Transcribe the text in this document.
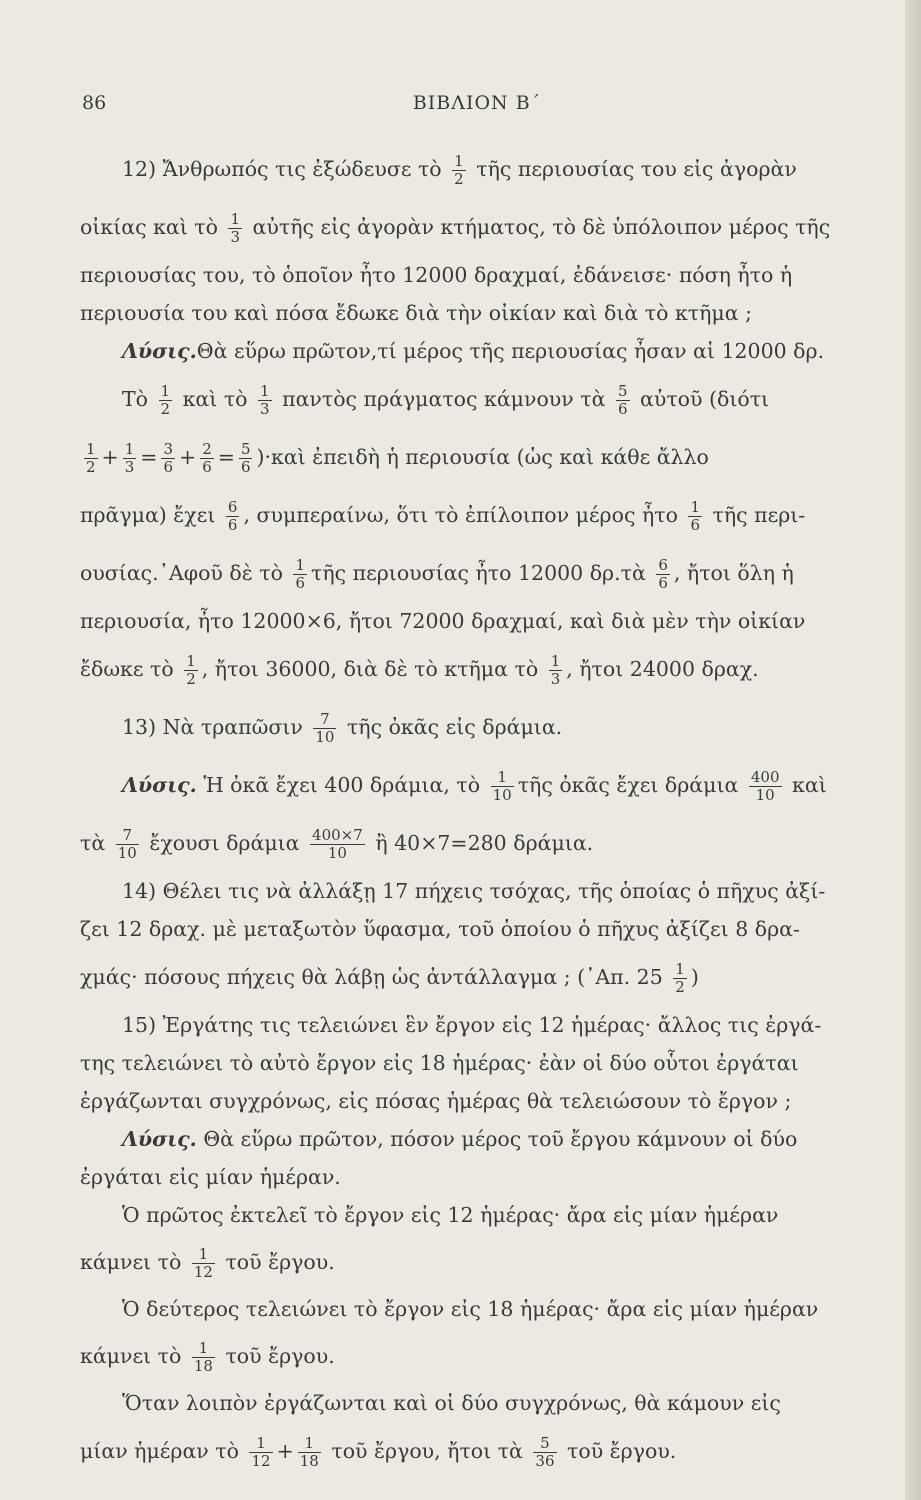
86	ΒΙΒΛΙΟΝ Β΄
12) Ἄνθρωπός τις ἐξώδευσε τὸ $\frac{1}{2}$ τῆς περιουσίας του εἰς ἀγορὰν
οἰκίας καὶ τὸ $\frac{1}{3}$ αὐτῆς εἰς ἀγορὰν κτήματος, τὸ δὲ ὑπόλοιπον μέρος τῆς
περιουσίας του, τὸ ὁποῖον ἦτο 12000 δραχμαί, ἐδάνεισε· πόση ἦτο ἡ
περιουσία του καὶ πόσα ἔδωκε διὰ τὴν οἰκίαν καὶ διὰ τὸ κτῆμα ;
Λύσις.Θὰ εὕρω πρῶτον,τί μέρος τῆς περιουσίας ἦσαν αἱ 12000 δρ.
Τὸ $\frac{1}{2}$ καὶ τὸ $\frac{1}{3}$ παντὸς πράγματος κάμνουν τὰ $\frac{5}{6}$ αὐτοῦ (διότι
$\frac{1}{2} + \frac{1}{3} = \frac{3}{6} + \frac{2}{6} = \frac{5}{6}$ )·καὶ ἐπειδὴ ἡ περιουσία (ὡς καὶ κάθε ἄλλο
πρᾶγμα) ἔχει $\frac{6}{6}$ , συμπεραίνω, ὅτι τὸ ἐπίλοιπον μέρος ἦτο $\frac{1}{6}$ τῆς περι-
ουσίας.᾽Αφοῦ δὲ τὸ $\frac{1}{6}$ τῆς περιουσίας ἦτο 12000 δρ.τὰ $\frac{6}{6}$ , ἤτοι ὅλη ἡ
περιουσία, ἦτο 12000×6, ἤτοι 72000 δραχμαί, καὶ διὰ μὲν τὴν οἰκίαν
ἔδωκε τὸ $\frac{1}{2}$ , ἤτοι 36000, διὰ δὲ τὸ κτῆμα τὸ $\frac{1}{3}$ , ἤτοι 24000 δραχ.
13) Νὰ τραπῶσιν $\frac{7}{10}$ τῆς ὀκᾶς εἰς δράμια.
Λύσις. Ἡ ὀκᾶ ἔχει 400 δράμια, τὸ $\frac{1}{10}$ τῆς ὀκᾶς ἔχει δράμια $\frac{400}{10}$ καὶ
τὰ $\frac{7}{10}$ ἔχουσι δράμια $\frac{400\times 7}{10}$ ἢ 40×7=280 δράμια.
14) Θέλει τις νὰ ἀλλάξῃ 17 πήχεις τσόχας, τῆς ὁποίας ὁ πῆχυς ἀξί-
ζει 12 δραχ. μὲ μεταξωτὸν ὕφασμα, τοῦ ὁποίου ὁ πῆχυς ἀξίζει 8 δρα-
χμάς· πόσους πήχεις θὰ λάβῃ ὡς ἀντάλλαγμα ; (᾽Απ. $25 \frac{1}{2}$ )
15) Ἐργάτης τις τελειώνει ἓν ἔργον εἰς 12 ἡμέρας· ἄλλος τις ἐργά-
της τελειώνει τὸ αὐτὸ ἔργον εἰς 18 ἡμέρας· ἐὰν οἱ δύο οὗτοι ἐργάται
ἐργάζωνται συγχρόνως, εἰς πόσας ἡμέρας θὰ τελειώσουν τὸ ἔργον ;
Λύσις. Θὰ εὕρω πρῶτον, πόσον μέρος τοῦ ἔργου κάμνουν οἱ δύο
ἐργάται εἰς μίαν ἡμέραν.
Ὁ πρῶτος ἐκτελεῖ τὸ ἔργον εἰς 12 ἡμέρας· ἄρα εἰς μίαν ἡμέραν
κάμνει τὸ $\frac{1}{12}$ τοῦ ἔργου.
Ὁ δεύτερος τελειώνει τὸ ἔργον εἰς 18 ἡμέρας· ἄρα εἰς μίαν ἡμέραν
κάμνει τὸ $\frac{1}{18}$ τοῦ ἔργου.
Ὅταν λοιπὸν ἐργάζωνται καὶ οἱ δύο συγχρόνως, θὰ κάμουν εἰς
μίαν ἡμέραν τὸ $\frac{1}{12} + \frac{1}{18}$ τοῦ ἔργου, ἤτοι τὰ $\frac{5}{36}$ τοῦ ἔργου.
